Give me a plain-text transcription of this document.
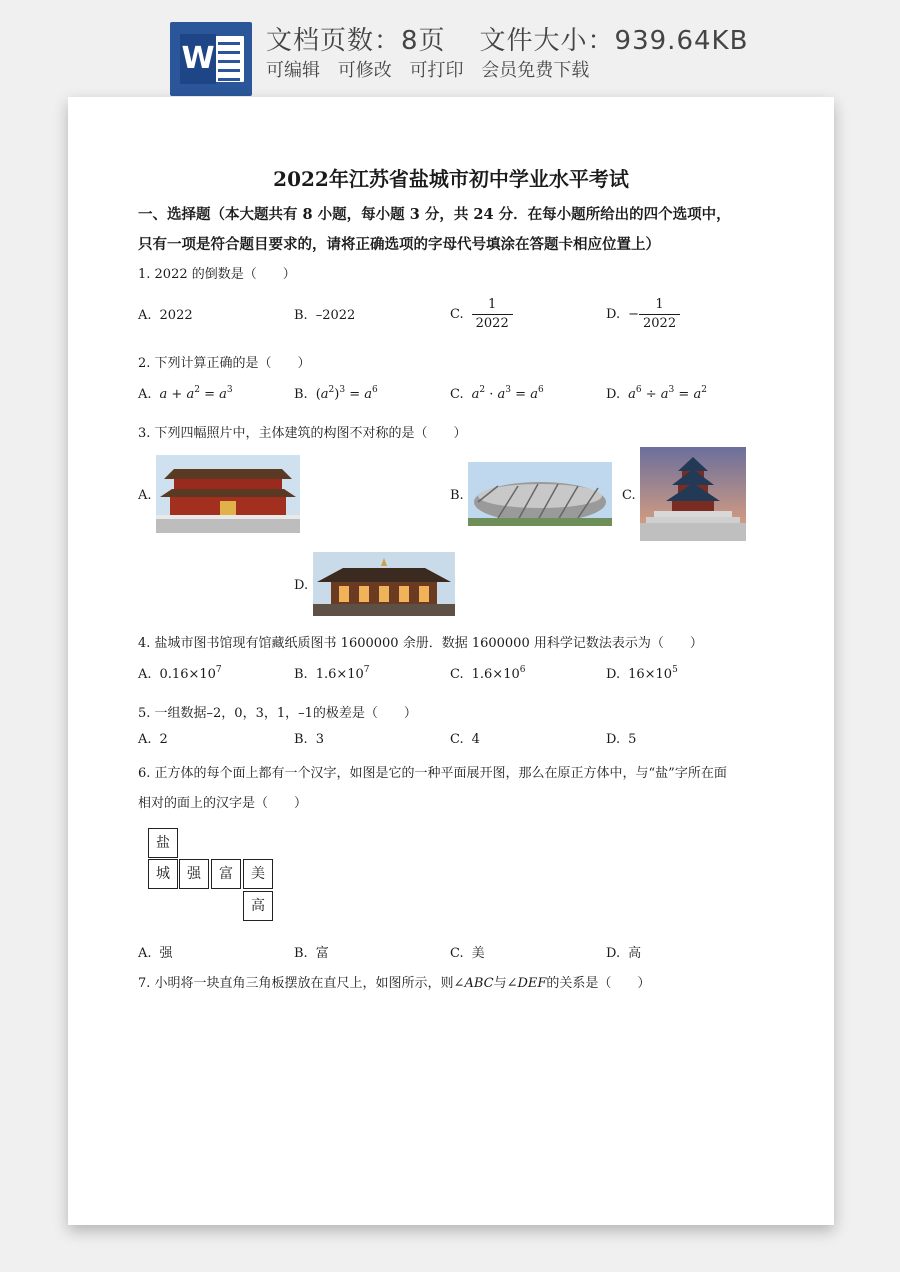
W 文档页数：8页 文件大小：939.64KB
可编辑 可修改 可打印 会员免费下载
2022年江苏省盐城市初中学业水平考试
一、选择题（本大题共有 8 小题，每小题 3 分，共 24 分．在每小题所给出的四个选项中，
只有一项是符合题目要求的，请将正确选项的字母代号填涂在答题卡相应位置上）
1. 2022 的倒数是（　　）
A. 2022	B. –2022	C. $\frac{1}{2022}$	D. − $\frac{1}{2022}$
2. 下列计算正确的是（　　）
A. $a + a^2 = a^3$	B. $(a^2)^3 = a^6$	C. $a^2 \cdot a^3 = a^6$	D. $a^6 \div a^3 = a^2$
3. 下列四幅照片中，主体建筑的构图不对称的是（　　）
A.	B.	C.
D.
4. 盐城市图书馆现有馆藏纸质图书 1600000 余册．数据 1600000 用科学记数法表示为（　　）
A. $0.16\times 10^7$	B. $1.6\times 10^7$	C. $1.6\times 10^6$	D. $16\times 10^5$
5. 一组数据–2，0，3，1，–1的极差是（　　）
A. 2	B. 3	C. 4	D. 5
6. 正方体的每个面上都有一个汉字，如图是它的一种平面展开图，那么在原正方体中，与“盐”字所在面
相对的面上的汉字是（　　）
盐
城	强	富	美
高
A. 强	B. 富	C. 美	D. 高
7. 小明将一块直角三角板摆放在直尺上，如图所示，则∠ABC与∠DEF的关系是（　　）
